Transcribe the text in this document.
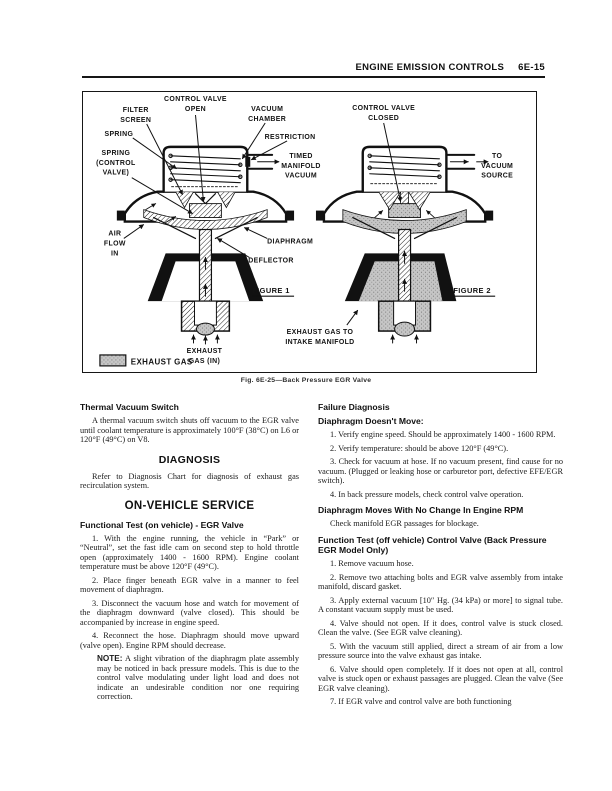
ENGINE EMISSION CONTROLS 6E-15
CONTROL VALVE
OPEN
FILTER
SCREEN
SPRING
SPRING
(CONTROL
VALVE)
VACUUM
CHAMBER
RESTRICTION
TIMED
MANIFOLD
VACUUM
AIR
FLOW
IN
EXHAUST
GAS (IN)
CONTROL VALVE
CLOSED
TO
VACUUM
SOURCE
EXHAUST GAS TO
INTAKE MANIFOLD
DIAPHRAGM
DEFLECTOR
FIGURE 1	FIGURE 2
EXHAUST GAS
Fig. 6E-25—Back Pressure EGR Valve
Thermal Vacuum Switch

A thermal vacuum switch shuts off vacuum to the EGR valve until coolant temperature is approximately 100°F (38°C) on L6 or 120°F (49°C) on V8.

DIAGNOSIS

Refer to Diagnosis Chart for diagnosis of exhaust gas recirculation system.

ON-VEHICLE SERVICE
Functional Test (on vehicle) - EGR Valve

1. With the engine running, the vehicle in “Park” or “Neutral”, set the fast idle cam on second step to hold throttle open (approximately 1400 - 1600 RPM). Engine coolant temperature must be above 120°F (49°C).

2. Place finger beneath EGR valve in a manner to feel movement of diaphragm.

3. Disconnect the vacuum hose and watch for movement of the diaphragm downward (valve closed). This should be accompanied by increase in engine speed.

4. Reconnect the hose. Diaphragm should move upward (valve open). Engine RPM should decrease.

NOTE: A slight vibration of the diaphragm plate assembly may be noticed in back pressure models. This is due to the control valve modulating under light load and does not indicate an undesirable condition nor one requiring correction.

Failure Diagnosis
Diaphragm Doesn't Move:

1. Verify engine speed. Should be approximately 1400 - 1600 RPM.

2. Verify temperature: should be above 120°F (49°C).

3. Check for vacuum at hose. If no vacuum present, find cause for no vacuum. (Plugged or leaking hose or carburetor port, defective EFE/EGR switch).

4. In back pressure models, check control valve operation.

Diaphragm Moves With No Change In Engine RPM

Check manifold EGR passages for blockage.

Function Test (off vehicle) Control Valve (Back Pressure EGR Model Only)

1. Remove vacuum hose.

2. Remove two attaching bolts and EGR valve assembly from intake manifold, discard gasket.

3. Apply external vacuum [10″ Hg. (34 kPa) or more] to signal tube. A constant vacuum supply must be used.

4. Valve should not open. If it does, control valve is stuck closed. Clean the valve. (See EGR valve cleaning).

5. With the vacuum still applied, direct a stream of air from a low pressure source into the valve exhaust gas intake.

6. Valve should open completely. If it does not open at all, control valve is stuck open or exhaust passages are plugged. Clean the valve (See EGR valve cleaning).

7. If EGR valve and control valve are both functioning
